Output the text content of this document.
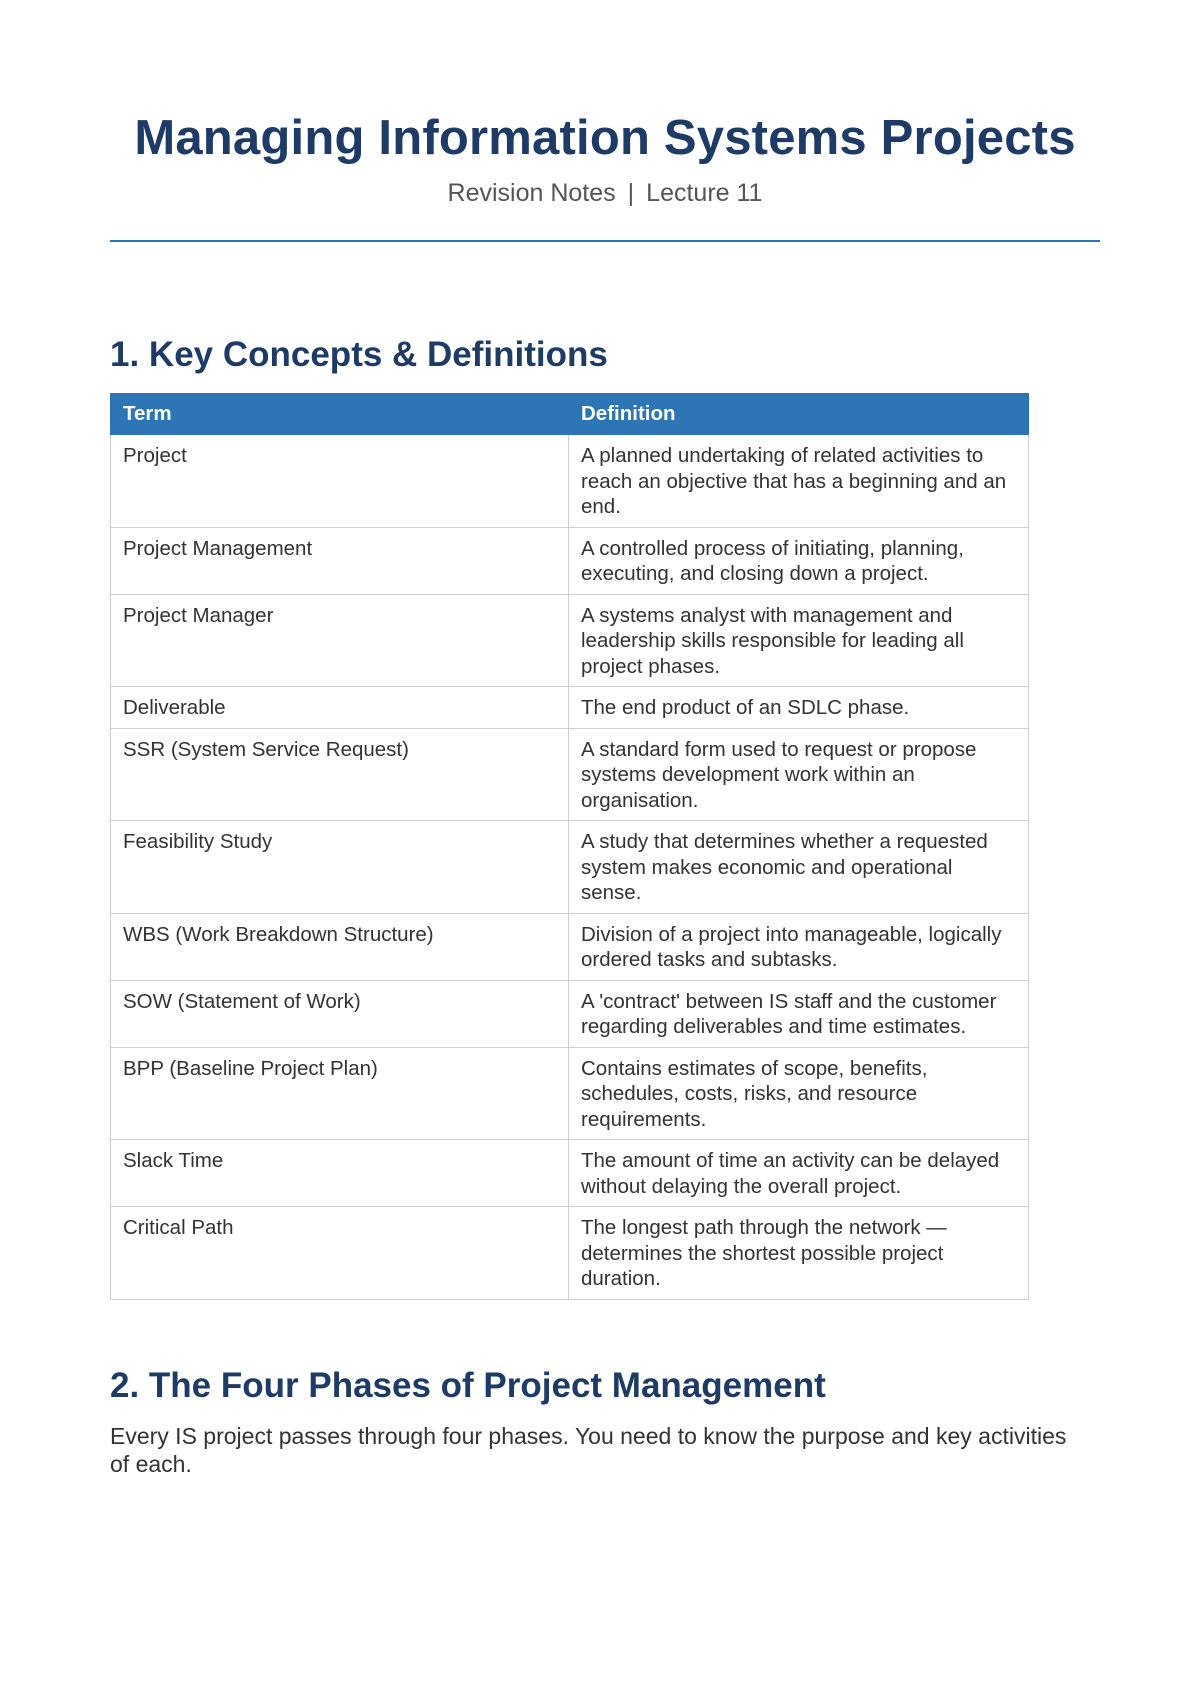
Managing Information Systems Projects
Revision Notes | Lecture 11
1. Key Concepts & Definitions
Term	Definition
Project	A planned undertaking of related activities to reach an objective that has a beginning and an end.
Project Management	A controlled process of initiating, planning, executing, and closing down a project.
Project Manager	A systems analyst with management and leadership skills responsible for leading all project phases.
Deliverable	The end product of an SDLC phase.
SSR (System Service Request)	A standard form used to request or propose systems development work within an organisation.
Feasibility Study	A study that determines whether a requested system makes economic and operational sense.
WBS (Work Breakdown Structure)	Division of a project into manageable, logically ordered tasks and subtasks.
SOW (Statement of Work)	A 'contract' between IS staff and the customer regarding deliverables and time estimates.
BPP (Baseline Project Plan)	Contains estimates of scope, benefits, schedules, costs, risks, and resource requirements.
Slack Time	The amount of time an activity can be delayed without delaying the overall project.
Critical Path	The longest path through the network — determines the shortest possible project duration.
2. The Four Phases of Project Management

Every IS project passes through four phases. You need to know the purpose and key activities of each.
